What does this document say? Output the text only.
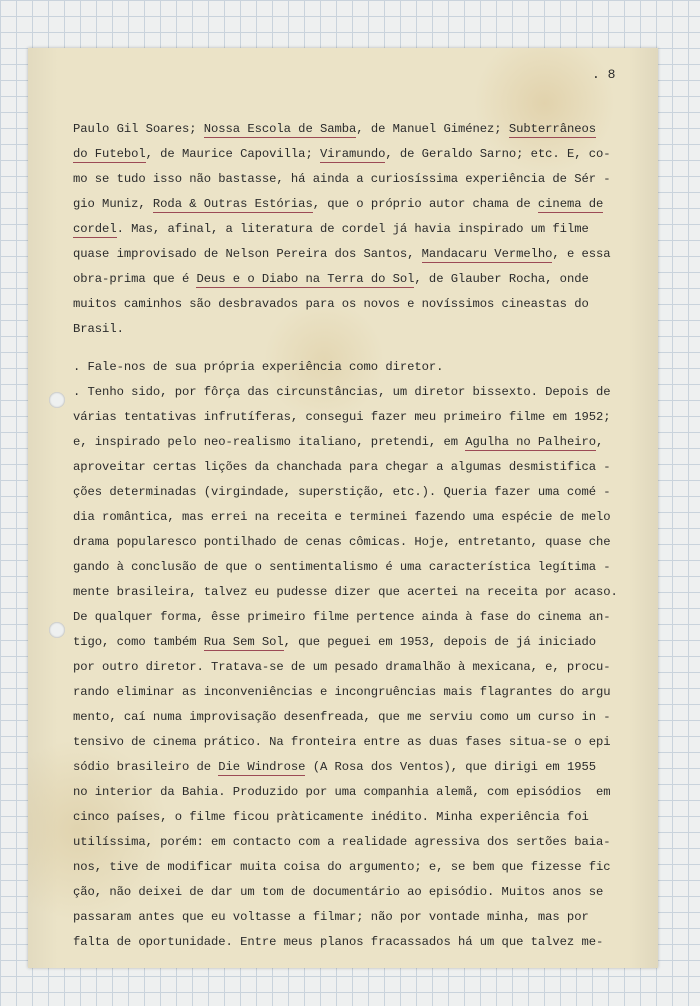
. 8
Paulo Gil Soares; Nossa Escola de Samba, de Manuel Giménez; Subterrâneos
do Futebol, de Maurice Capovilla; Viramundo, de Geraldo Sarno; etc. E, co-
mo se tudo isso não bastasse, há ainda a curiosíssima experiência de Sér -
gio Muniz, Roda & Outras Estórias, que o próprio autor chama de cinema de
cordel. Mas, afinal, a literatura de cordel já havia inspirado um filme
quase improvisado de Nelson Pereira dos Santos, Mandacaru Vermelho, e essa
obra-prima que é Deus e o Diabo na Terra do Sol, de Glauber Rocha, onde
muitos caminhos são desbravados para os novos e novíssimos cineastas do
Brasil.
. Fale-nos de sua própria experiência como diretor.
. Tenho sido, por fôrça das circunstâncias, um diretor bissexto. Depois de
várias tentativas infrutíferas, consegui fazer meu primeiro filme em 1952;
e, inspirado pelo neo-realismo italiano, pretendi, em Agulha no Palheiro,
aproveitar certas lições da chanchada para chegar a algumas desmistifica -
ções determinadas (virgindade, superstição, etc.). Queria fazer uma comé -
dia romântica, mas errei na receita e terminei fazendo uma espécie de melo
drama popularesco pontilhado de cenas cômicas. Hoje, entretanto, quase che
gando à conclusão de que o sentimentalismo é uma característica legítima -
mente brasileira, talvez eu pudesse dizer que acertei na receita por acaso.
De qualquer forma, êsse primeiro filme pertence ainda à fase do cinema an-
tigo, como também Rua Sem Sol, que peguei em 1953, depois de já iniciado
por outro diretor. Tratava-se de um pesado dramalhão à mexicana, e, procu-
rando eliminar as inconveniências e incongruências mais flagrantes do argu
mento, caí numa improvisação desenfreada, que me serviu como um curso in -
tensivo de cinema prático. Na fronteira entre as duas fases situa-se o epi
sódio brasileiro de Die Windrose (A Rosa dos Ventos), que dirigi em 1955
no interior da Bahia. Produzido por uma companhia alemã, com episódios  em
cinco países, o filme ficou pràticamente inédito. Minha experiência foi
utilíssima, porém: em contacto com a realidade agressiva dos sertões baia-
nos, tive de modificar muita coisa do argumento; e, se bem que fizesse fic
ção, não deixei de dar um tom de documentário ao episódio. Muitos anos se
passaram antes que eu voltasse a filmar; não por vontade minha, mas por
falta de oportunidade. Entre meus planos fracassados há um que talvez me-
